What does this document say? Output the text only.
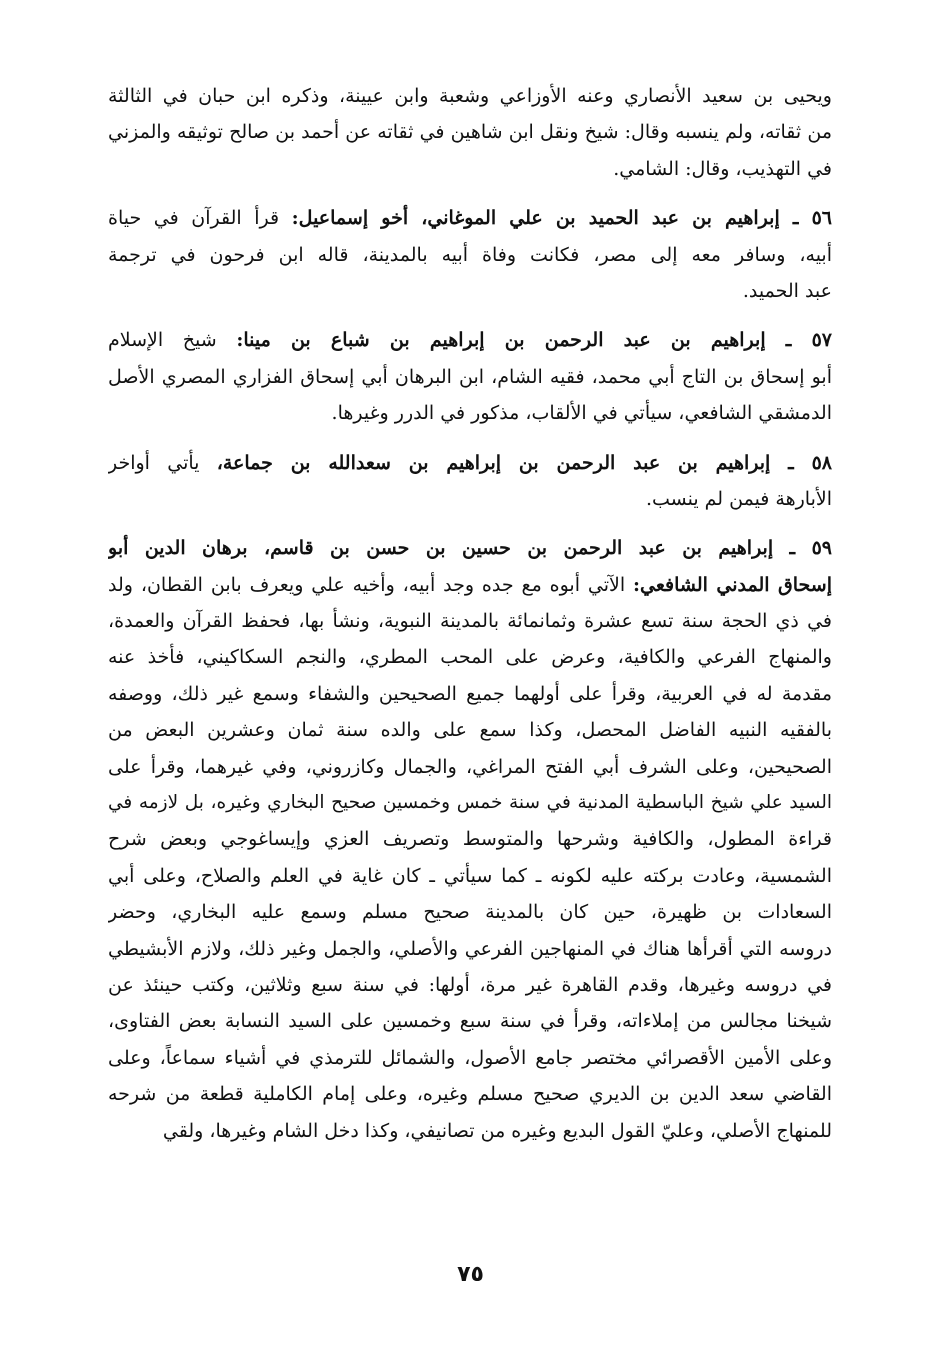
ويحيى بن سعيد الأنصاري وعنه الأوزاعي وشعبة وابن عيينة، وذكره ابن حبان في الثالثة
من ثقاته، ولم ينسبه وقال: شيخ ونقل ابن شاهين في ثقاته عن أحمد بن صالح توثيقه والمزني
في التهذيب، وقال: الشامي.
٥٦ ـ إبراهيم بن عبد الحميد بن علي الموغاني، أخو إسماعيل: قرأ القرآن في حياة
أبيه، وسافر معه إلى مصر، فكانت وفاة أبيه بالمدينة، قاله ابن فرحون في ترجمة
عبد الحميد.
٥٧ ـ إبراهيم بن عبد الرحمن بن إبراهيم بن شباع بن مينا: شيخ الإسلام
أبو إسحاق بن التاج أبي محمد، فقيه الشام، ابن البرهان أبي إسحاق الفزاري المصري الأصل
الدمشقي الشافعي، سيأتي في الألقاب، مذكور في الدرر وغيرها.
٥٨ ـ إبراهيم بن عبد الرحمن بن إبراهيم بن سعدالله بن جماعة، يأتي أواخر
الأبارهة فيمن لم ينسب.
٥٩ ـ إبراهيم بن عبد الرحمن بن حسين بن حسن بن قاسم، برهان الدين أبو
إسحاق المدني الشافعي: الآتي أبوه مع جده وجد أبيه، وأخيه علي ويعرف بابن القطان، ولد
في ذي الحجة سنة تسع عشرة وثمانمائة بالمدينة النبوية، ونشأ بها، فحفظ القرآن والعمدة،
والمنهاج الفرعي والكافية، وعرض على المحب المطري، والنجم السكاكيني، فأخذ عنه
مقدمة له في العربية، وقرأ على أولهما جميع الصحيحين والشفاء وسمع غير ذلك، ووصفه
بالفقيه النبيه الفاضل المحصل، وكذا سمع على والده سنة ثمان وعشرين البعض من
الصحيحين، وعلى الشرف أبي الفتح المراغي، والجمال وكازروني، وفي غيرهما، وقرأ على
السيد علي شيخ الباسطية المدنية في سنة خمس وخمسين صحيح البخاري وغيره، بل لازمه في
قراءة المطول، والكافية وشرحها والمتوسط وتصريف العزي وإيساغوجي وبعض شرح
الشمسية، وعادت بركته عليه لكونه ـ كما سيأتي ـ كان غاية في العلم والصلاح، وعلى أبي
السعادات بن ظهيرة، حين كان بالمدينة صحيح مسلم وسمع عليه البخاري، وحضر
دروسه التي أقرأها هناك في المنهاجين الفرعي والأصلي، والجمل وغير ذلك، ولازم الأبشيطي
في دروسه وغيرها، وقدم القاهرة غير مرة، أولها: في سنة سبع وثلاثين، وكتب حينئذ عن
شيخنا مجالس من إملاءاته، وقرأ في سنة سبع وخمسين على السيد النسابة بعض الفتاوى،
وعلى الأمين الأقصرائي مختصر جامع الأصول، والشمائل للترمذي في أشياء سماعاً، وعلى
القاضي سعد الدين بن الديري صحيح مسلم وغيره، وعلى إمام الكاملية قطعة من شرحه
للمنهاج الأصلي، وعليّ القول البديع وغيره من تصانيفي، وكذا دخل الشام وغيرها، ولقي
٧٥
